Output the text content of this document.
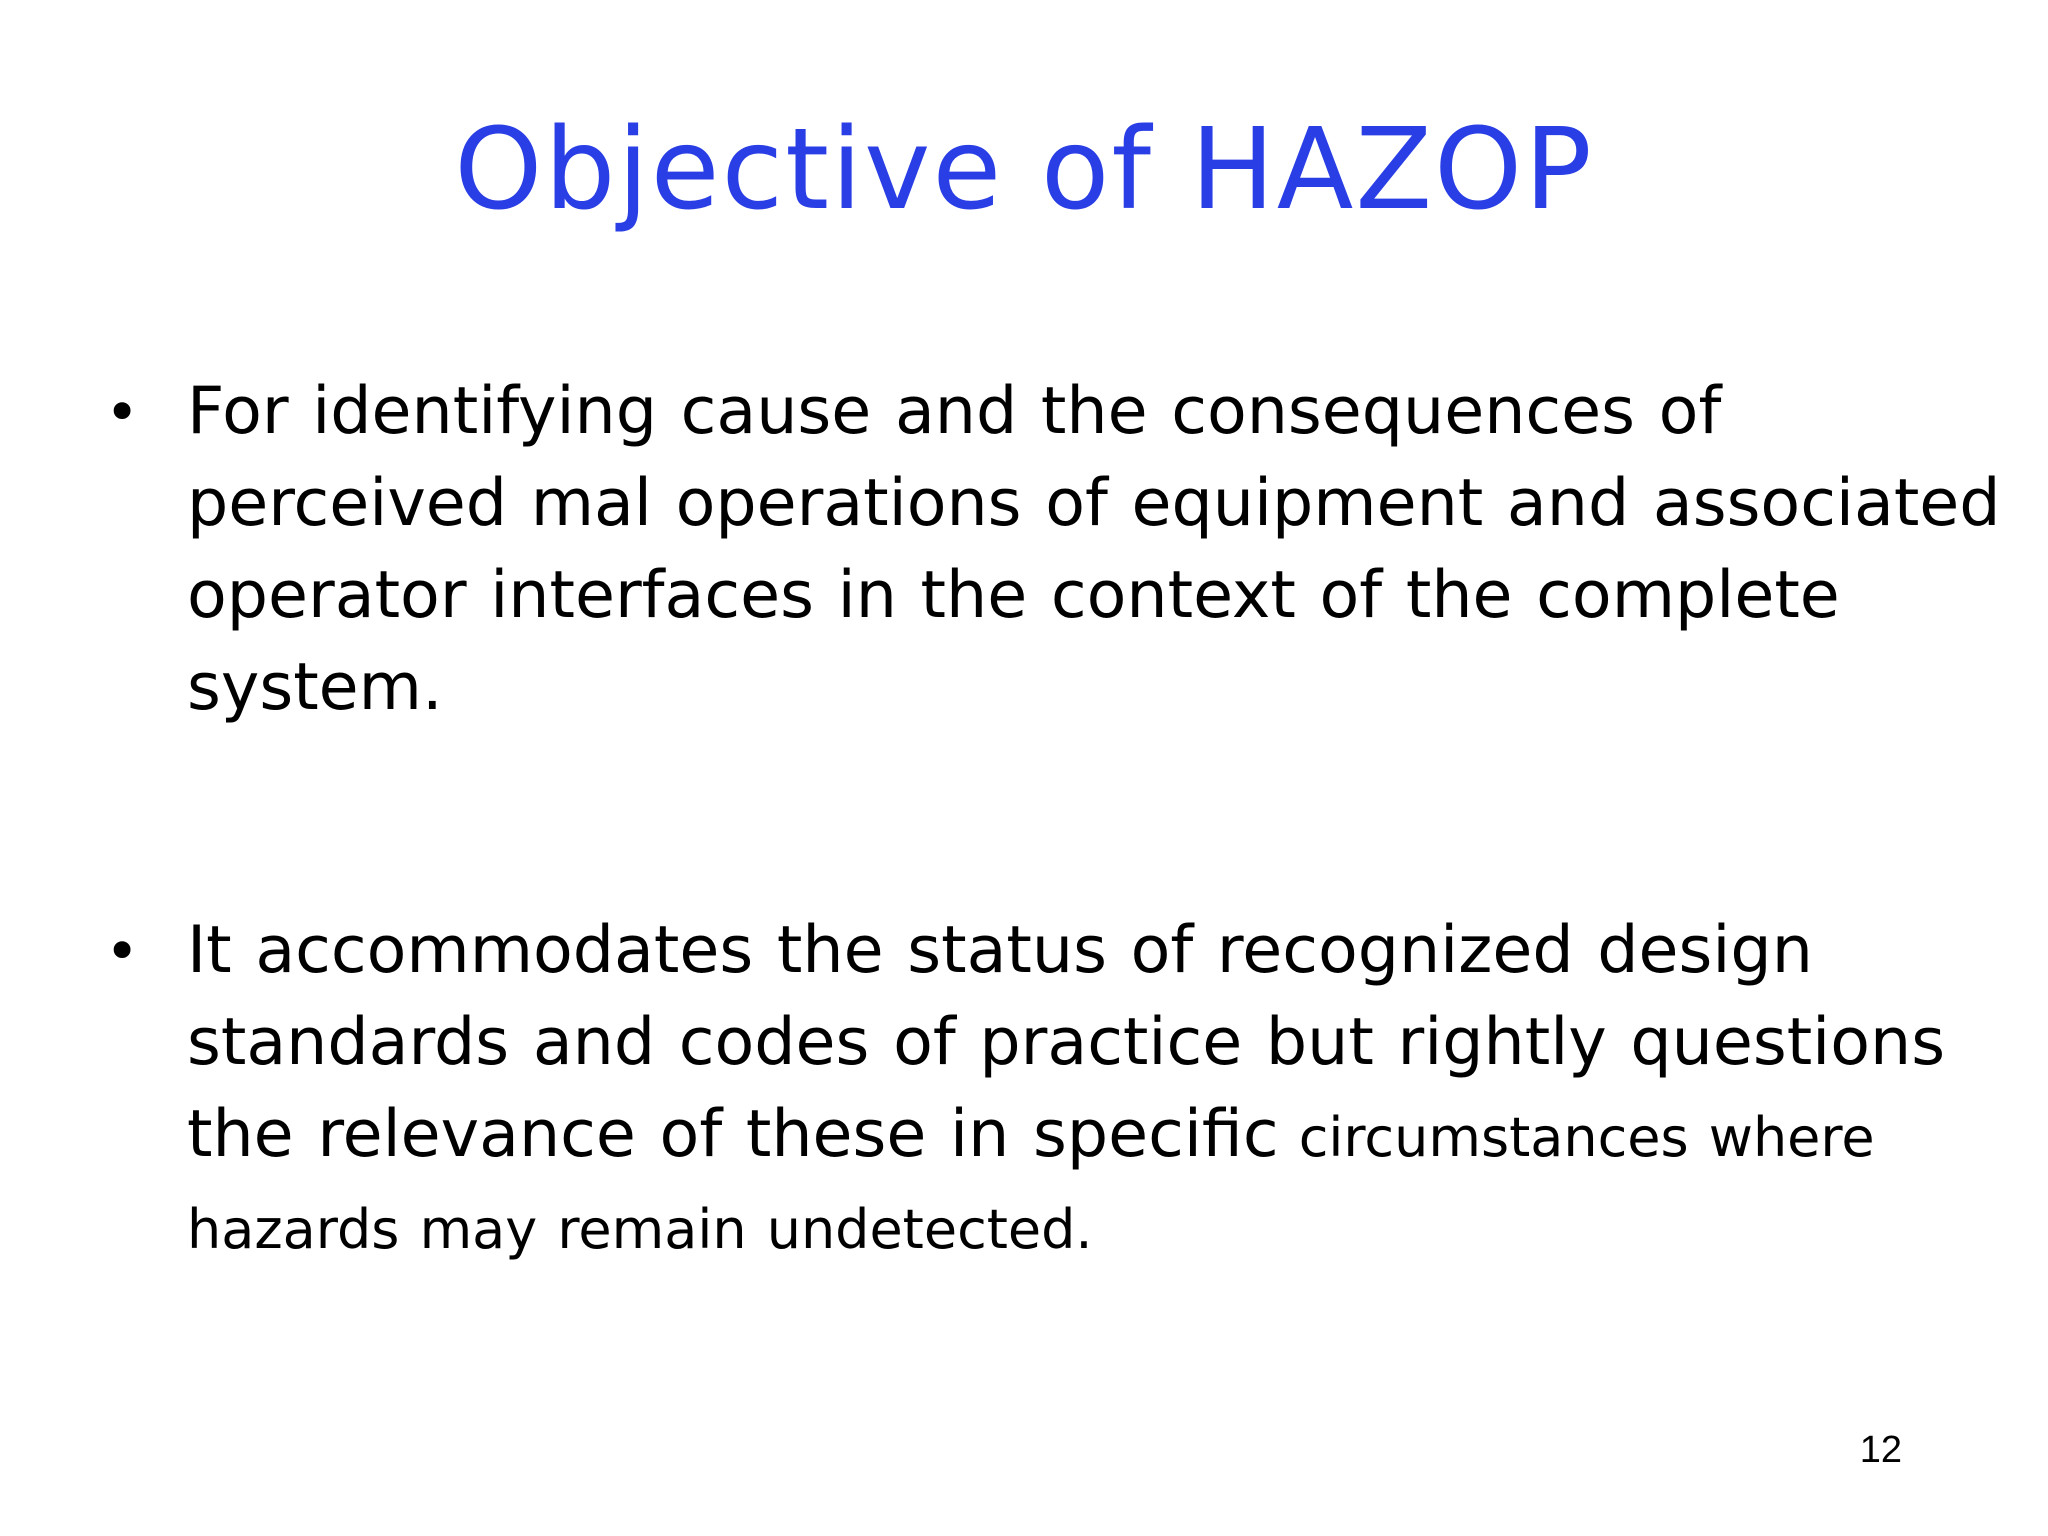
Objective of HAZOP
• For identifying cause and the consequences of perceived mal operations of equipment and associated operator interfaces in the context of the complete system.
• It accommodates the status of recognized design standards and codes of practice but rightly questions the relevance of these in specific circumstances where hazards may remain undetected.
12
